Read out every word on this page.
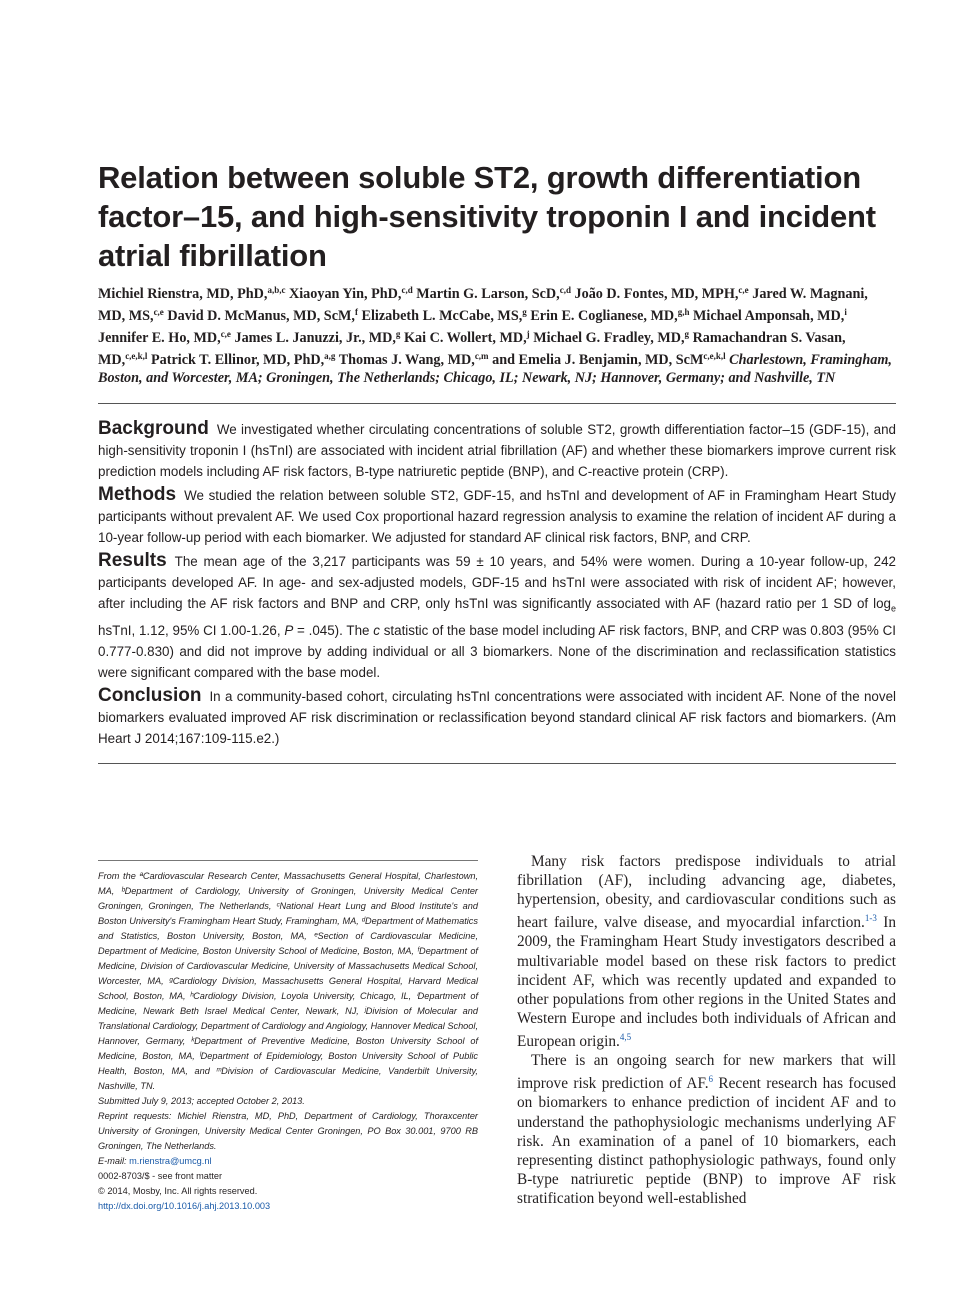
Relation between soluble ST2, growth differentiation factor–15, and high-sensitivity troponin I and incident atrial fibrillation
Michiel Rienstra, MD, PhD,$^{a,b,c}$ Xiaoyan Yin, PhD,$^{c,d}$ Martin G. Larson, ScD,$^{c,d}$ João D. Fontes, MD, MPH,$^{c,e}$ Jared W. Magnani, MD, MS,$^{c,e}$ David D. McManus, MD, ScM,$^f$ Elizabeth L. McCabe, MS,$^g$ Erin E. Coglianese, MD,$^{g,h}$ Michael Amponsah, MD,$^i$ Jennifer E. Ho, MD,$^{c,e}$ James L. Januzzi, Jr., MD,$^g$ Kai C. Wollert, MD,$^j$ Michael G. Fradley, MD,$^g$ Ramachandran S. Vasan, MD,$^{c,e,k,l}$ Patrick T. Ellinor, MD, PhD,$^{a,g}$ Thomas J. Wang, MD,$^{c,m}$ and Emelia J. Benjamin, MD, ScM$^{c,e,k,l}$ Charlestown, Framingham, Boston, and Worcester, MA; Groningen, The Netherlands; Chicago, IL; Newark, NJ; Hannover, Germany; and Nashville, TN

Background We investigated whether circulating concentrations of soluble ST2, growth differentiation factor–15 (GDF-15), and high-sensitivity troponin I (hsTnI) are associated with incident atrial fibrillation (AF) and whether these biomarkers improve current risk prediction models including AF risk factors, B-type natriuretic peptide (BNP), and C-reactive protein (CRP).

Methods We studied the relation between soluble ST2, GDF-15, and hsTnI and development of AF in Framingham Heart Study participants without prevalent AF. We used Cox proportional hazard regression analysis to examine the relation of incident AF during a 10-year follow-up period with each biomarker. We adjusted for standard AF clinical risk factors, BNP, and CRP.

Results The mean age of the 3,217 participants was 59 ± 10 years, and 54% were women. During a 10-year follow-up, 242 participants developed AF. In age- and sex-adjusted models, GDF-15 and hsTnI were associated with risk of incident AF; however, after including the AF risk factors and BNP and CRP, only hsTnI was significantly associated with AF (hazard ratio per 1 SD of $\log_e$ hsTnI, 1.12, 95% CI 1.00-1.26, P = .045). The c statistic of the base model including AF risk factors, BNP, and CRP was 0.803 (95% CI 0.777-0.830) and did not improve by adding individual or all 3 biomarkers. None of the discrimination and reclassification statistics were significant compared with the base model.

Conclusion In a community-based cohort, circulating hsTnI concentrations were associated with incident AF. None of the novel biomarkers evaluated improved AF risk discrimination or reclassification beyond standard clinical AF risk factors and biomarkers. (Am Heart J 2014;167:109-115.e2.)

From the ªCardiovascular Research Center, Massachusetts General Hospital, Charlestown, MA, ᵇDepartment of Cardiology, University of Groningen, University Medical Center Groningen, Groningen, The Netherlands, ᶜNational Heart Lung and Blood Institute's and Boston University's Framingham Heart Study, Framingham, MA, ᵈDepartment of Mathematics and Statistics, Boston University, Boston, MA, ᵉSection of Cardiovascular Medicine, Department of Medicine, Boston University School of Medicine, Boston, MA, ᶠDepartment of Medicine, Division of Cardiovascular Medicine, University of Massachusetts Medical School, Worcester, MA, ᵍCardiology Division, Massachusetts General Hospital, Harvard Medical School, Boston, MA, ʰCardiology Division, Loyola University, Chicago, IL, ⁱDepartment of Medicine, Newark Beth Israel Medical Center, Newark, NJ, ʲDivision of Molecular and Translational Cardiology, Department of Cardiology and Angiology, Hannover Medical School, Hannover, Germany, ᵏDepartment of Preventive Medicine, Boston University School of Medicine, Boston, MA, ˡDepartment of Epidemiology, Boston University School of Public Health, Boston, MA, and ᵐDivision of Cardiovascular Medicine, Vanderbilt University, Nashville, TN.

Submitted July 9, 2013; accepted October 2, 2013.

Reprint requests: Michiel Rienstra, MD, PhD, Department of Cardiology, Thoraxcenter University of Groningen, University Medical Center Groningen, PO Box 30.001, 9700 RB Groningen, The Netherlands.

E-mail: m.rienstra@umcg.nl

0002-8703/$ - see front matter

© 2014, Mosby, Inc. All rights reserved.

http://dx.doi.org/10.1016/j.ahj.2013.10.003

Many risk factors predispose individuals to atrial fibrillation (AF), including advancing age, diabetes, hypertension, obesity, and cardiovascular conditions such as heart failure, valve disease, and myocardial infarction.$^{1-3}$ In 2009, the Framingham Heart Study investigators described a multivariable model based on these risk factors to predict incident AF, which was recently updated and expanded to other populations from other regions in the United States and Western Europe and includes both individuals of African and European origin.$^{4,5}$

There is an ongoing search for new markers that will improve risk prediction of AF.$^6$ Recent research has focused on biomarkers to enhance prediction of incident AF and to understand the pathophysiologic mechanisms underlying AF risk. An examination of a panel of 10 biomarkers, each representing distinct pathophysiologic pathways, found only B-type natriuretic peptide (BNP) to improve AF risk stratification beyond well-established
